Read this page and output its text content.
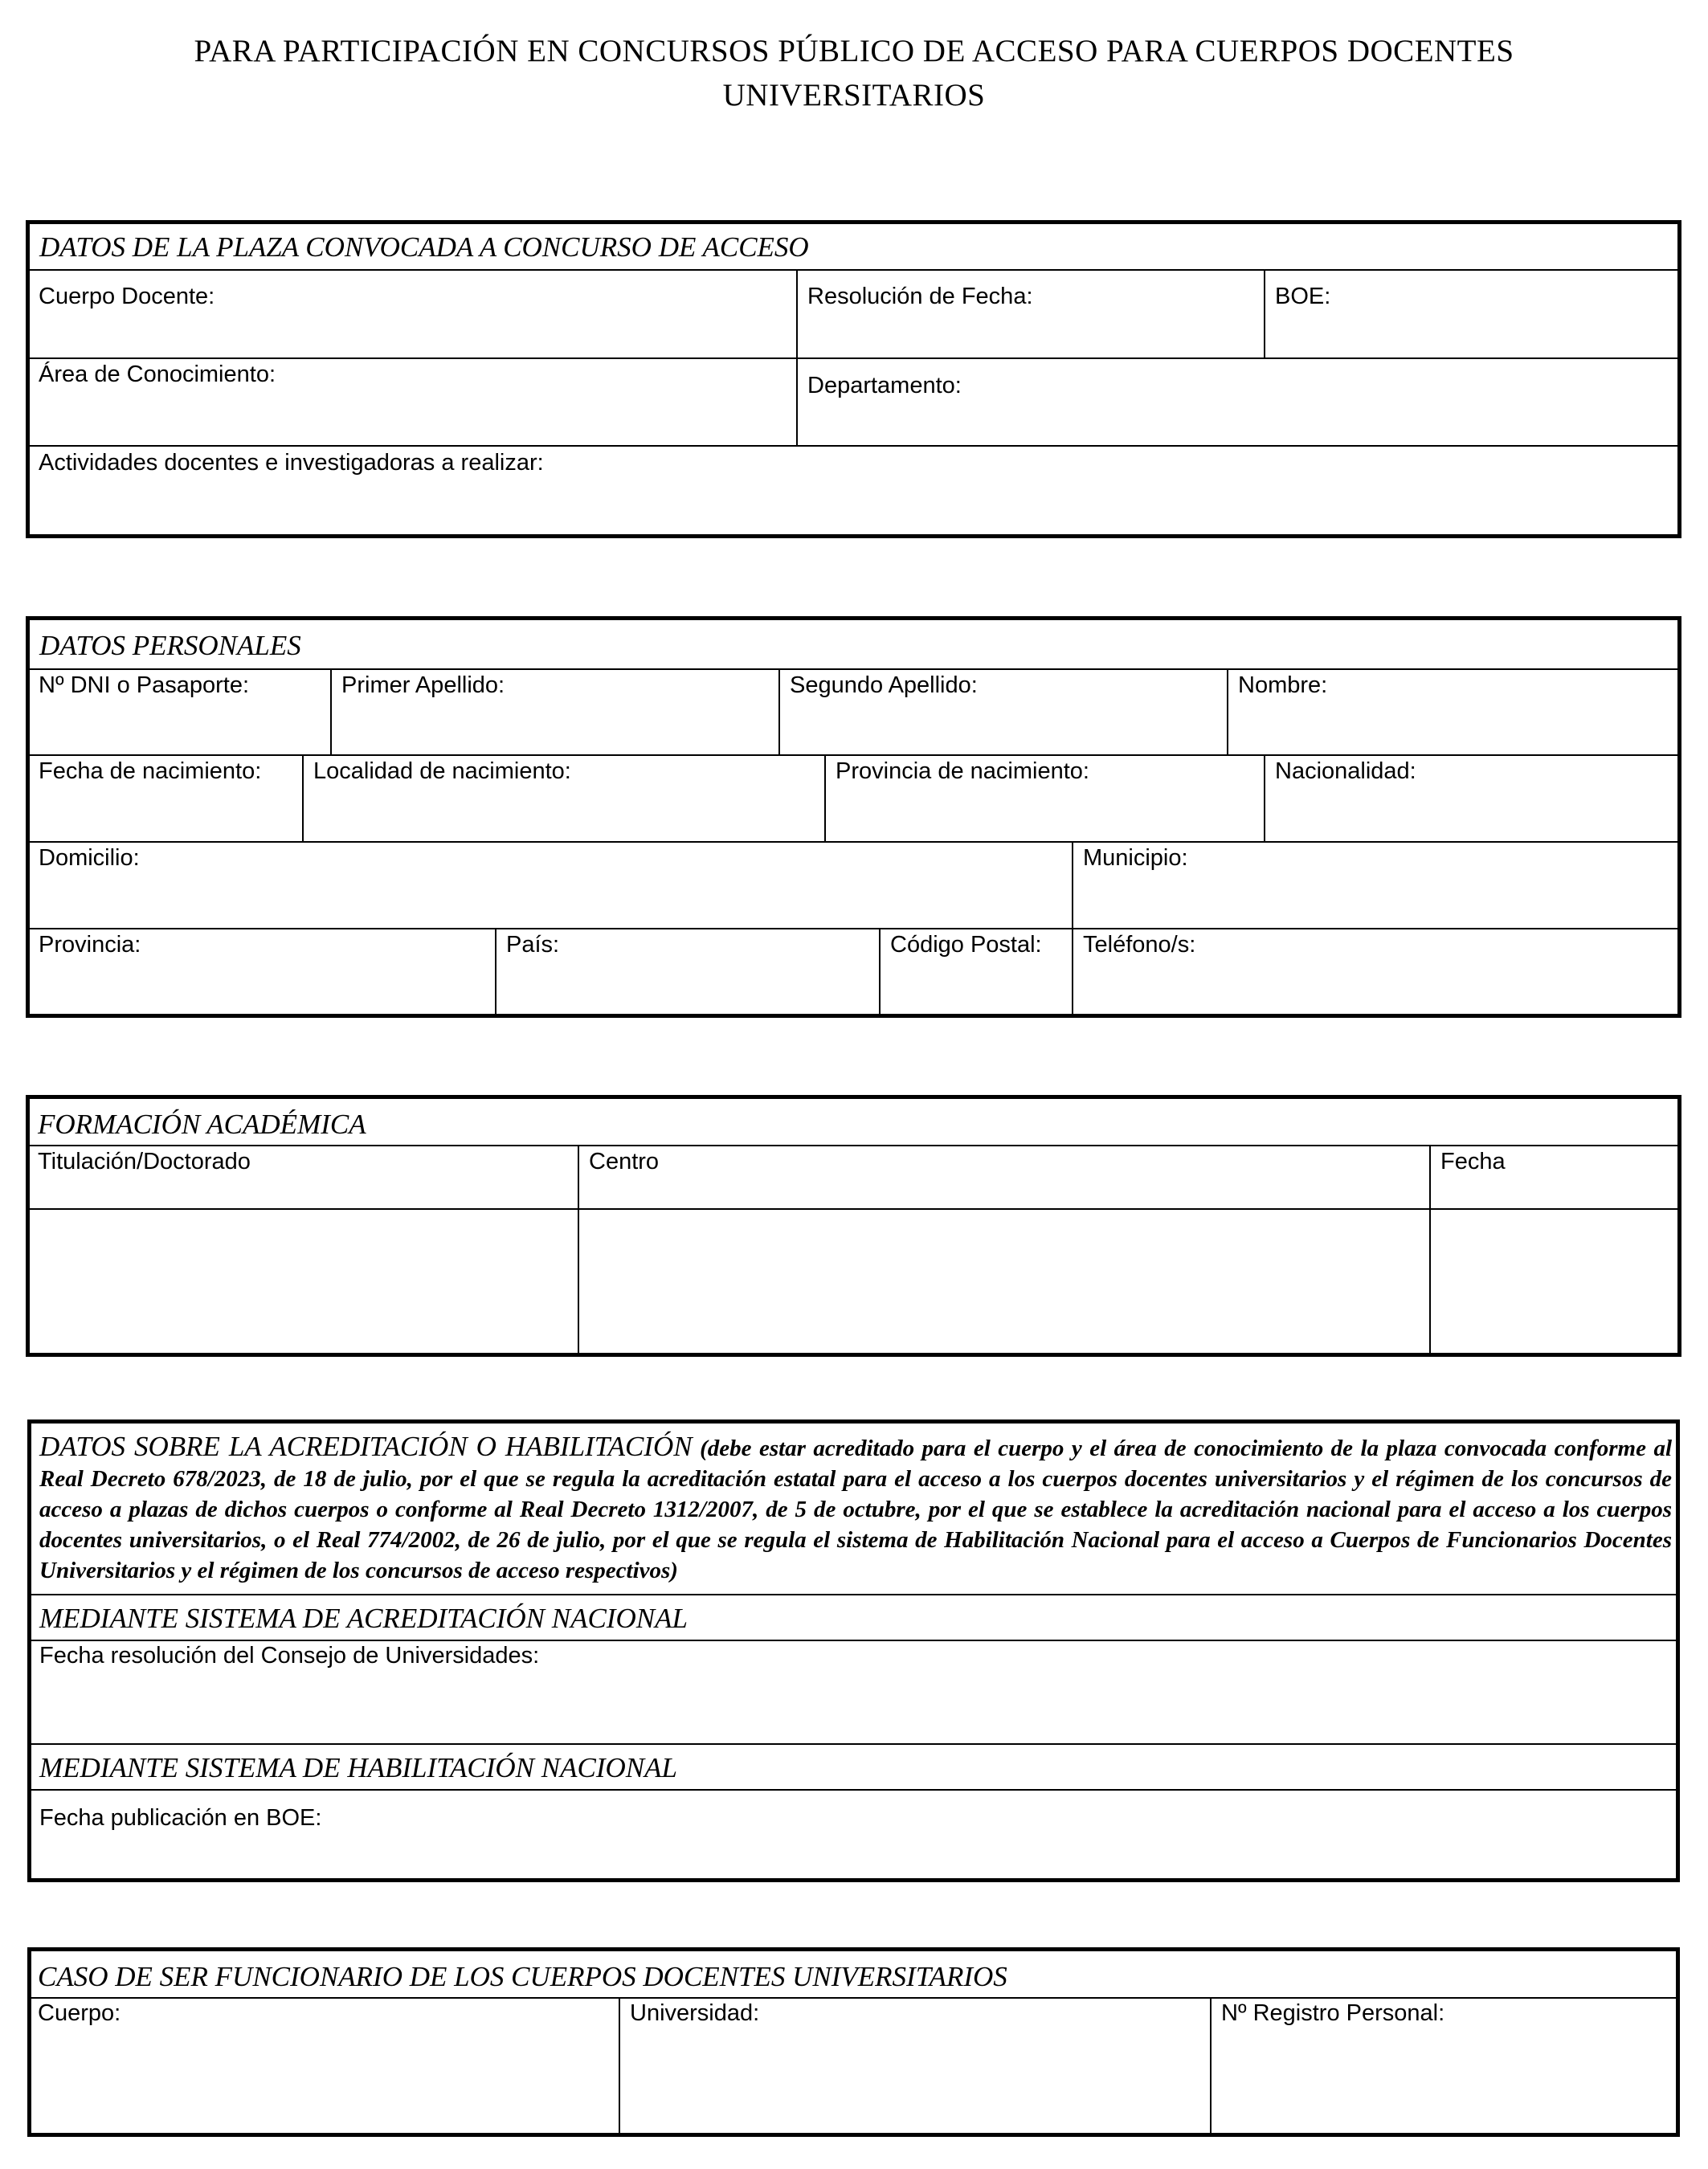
PARA PARTICIPACIÓN EN CONCURSOS PÚBLICO DE ACCESO PARA CUERPOS DOCENTES
UNIVERSITARIOS
DATOS DE LA PLAZA CONVOCADA A CONCURSO DE ACCESO
Cuerpo Docente:	Resolución de Fecha:	BOE:
Área de Conocimiento:	Departamento:
Actividades docentes e investigadoras a realizar:
DATOS PERSONALES
Nº DNI o Pasaporte:	Primer Apellido:	Segundo Apellido:	Nombre:
Fecha de nacimiento: Localidad de nacimiento:	Provincia de nacimiento:	Nacionalidad:
Domicilio:	Municipio:
Provincia:	País:	Código Postal: Teléfono/s:
FORMACIÓN ACADÉMICA
Titulación/Doctorado	Centro	Fecha
DATOS SOBRE LA ACREDITACIÓN O HABILITACIÓN (debe estar acreditado para el cuerpo y el área de conocimiento de la plaza convocada conforme al Real Decreto 678/2023, de 18 de julio, por el que se regula la acreditación estatal para el acceso a los cuerpos docentes universitarios y el régimen de los concursos de acceso a plazas de dichos cuerpos o conforme al Real Decreto 1312/2007, de 5 de octubre, por el que se establece la acreditación nacional para el acceso a los cuerpos docentes universitarios, o el Real 774/2002, de 26 de julio, por el que se regula el sistema de Habilitación Nacional para el acceso a Cuerpos de Funcionarios Docentes Universitarios y el régimen de los concursos de acceso respectivos)
MEDIANTE SISTEMA DE ACREDITACIÓN NACIONAL
Fecha resolución del Consejo de Universidades:
MEDIANTE SISTEMA DE HABILITACIÓN NACIONAL
Fecha publicación en BOE:
CASO DE SER FUNCIONARIO DE LOS CUERPOS DOCENTES UNIVERSITARIOS
Cuerpo:	Universidad:	Nº Registro Personal:
